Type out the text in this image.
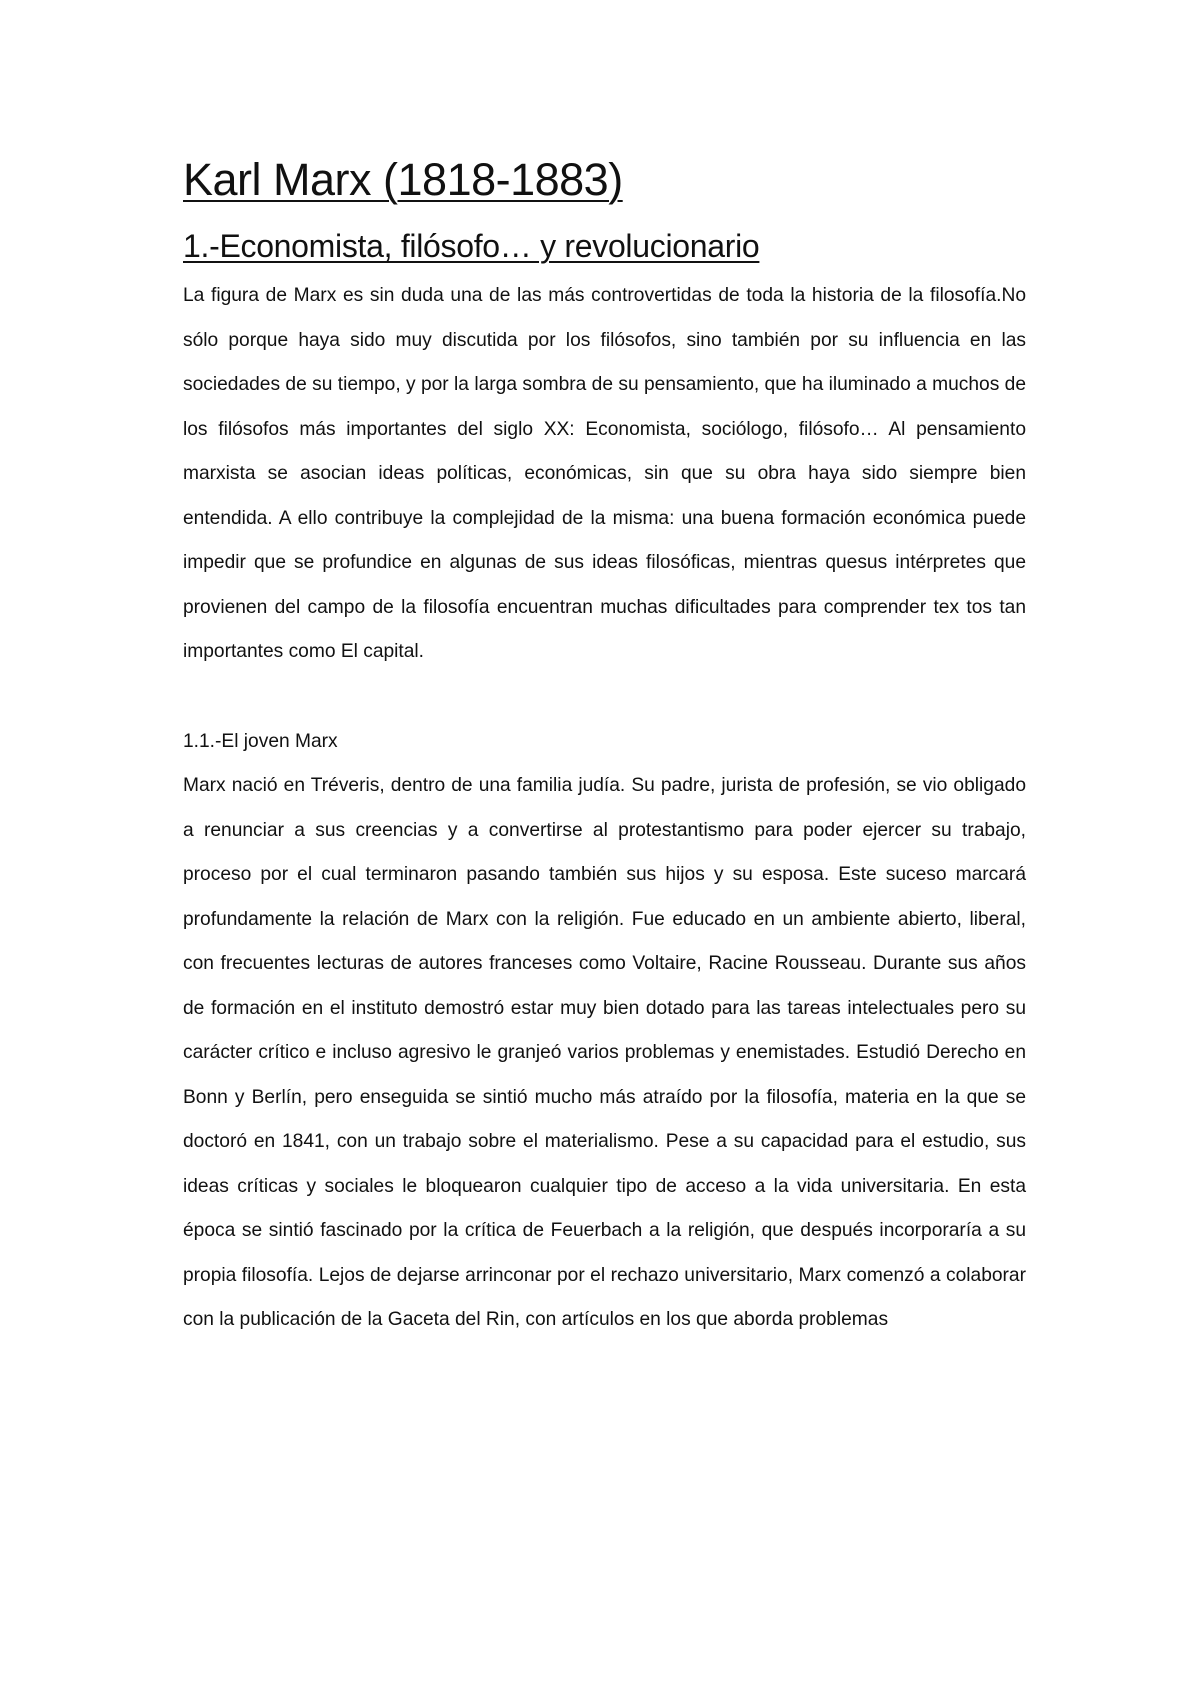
Karl Marx (1818-1883)
1.-Economista, filósofo… y revolucionario

La figura de Marx es sin duda una de las más controvertidas de toda la historia de la filosofía.No sólo porque haya sido muy discutida por los filósofos, sino también por su influencia en las sociedades de su tiempo, y por la larga sombra de su pensamiento, que ha iluminado a muchos de los filósofos más importantes del siglo XX: Economista, sociólogo, filósofo… Al pensamiento marxista se asocian ideas políticas, económicas, sin que su obra haya sido siempre bien entendida. A ello contribuye la complejidad de la misma: una buena formación económica puede impedir que se profundice en algunas de sus ideas filosóficas, mientras quesus intérpretes que provienen del campo de la filosofía encuentran muchas dificultades para comprender tex tos tan importantes como El capital.

1.1.-El joven Marx

Marx nació en Tréveris, dentro de una familia judía. Su padre, jurista de profesión, se vio obligado a renunciar a sus creencias y a convertirse al protestantismo para poder ejercer su trabajo, proceso por el cual terminaron pasando también sus hijos y su esposa. Este suceso marcará profundamente la relación de Marx con la religión. Fue educado en un ambiente abierto, liberal, con frecuentes lecturas de autores franceses como Voltaire, Racine Rousseau. Durante sus años de formación en el instituto demostró estar muy bien dotado para las tareas intelectuales pero su carácter crítico e incluso agresivo le granjeó varios problemas y enemistades. Estudió Derecho en Bonn y Berlín, pero enseguida se sintió mucho más atraído por la filosofía, materia en la que se doctoró en 1841, con un trabajo sobre el materialismo. Pese a su capacidad para el estudio, sus ideas críticas y sociales le bloquearon cualquier tipo de acceso a la vida universitaria. En esta época se sintió fascinado por la crítica de Feuerbach a la religión, que después incorporaría a su propia filosofía. Lejos de dejarse arrinconar por el rechazo universitario, Marx comenzó a colaborar con la publicación de la Gaceta del Rin, con artículos en los que aborda problemas
